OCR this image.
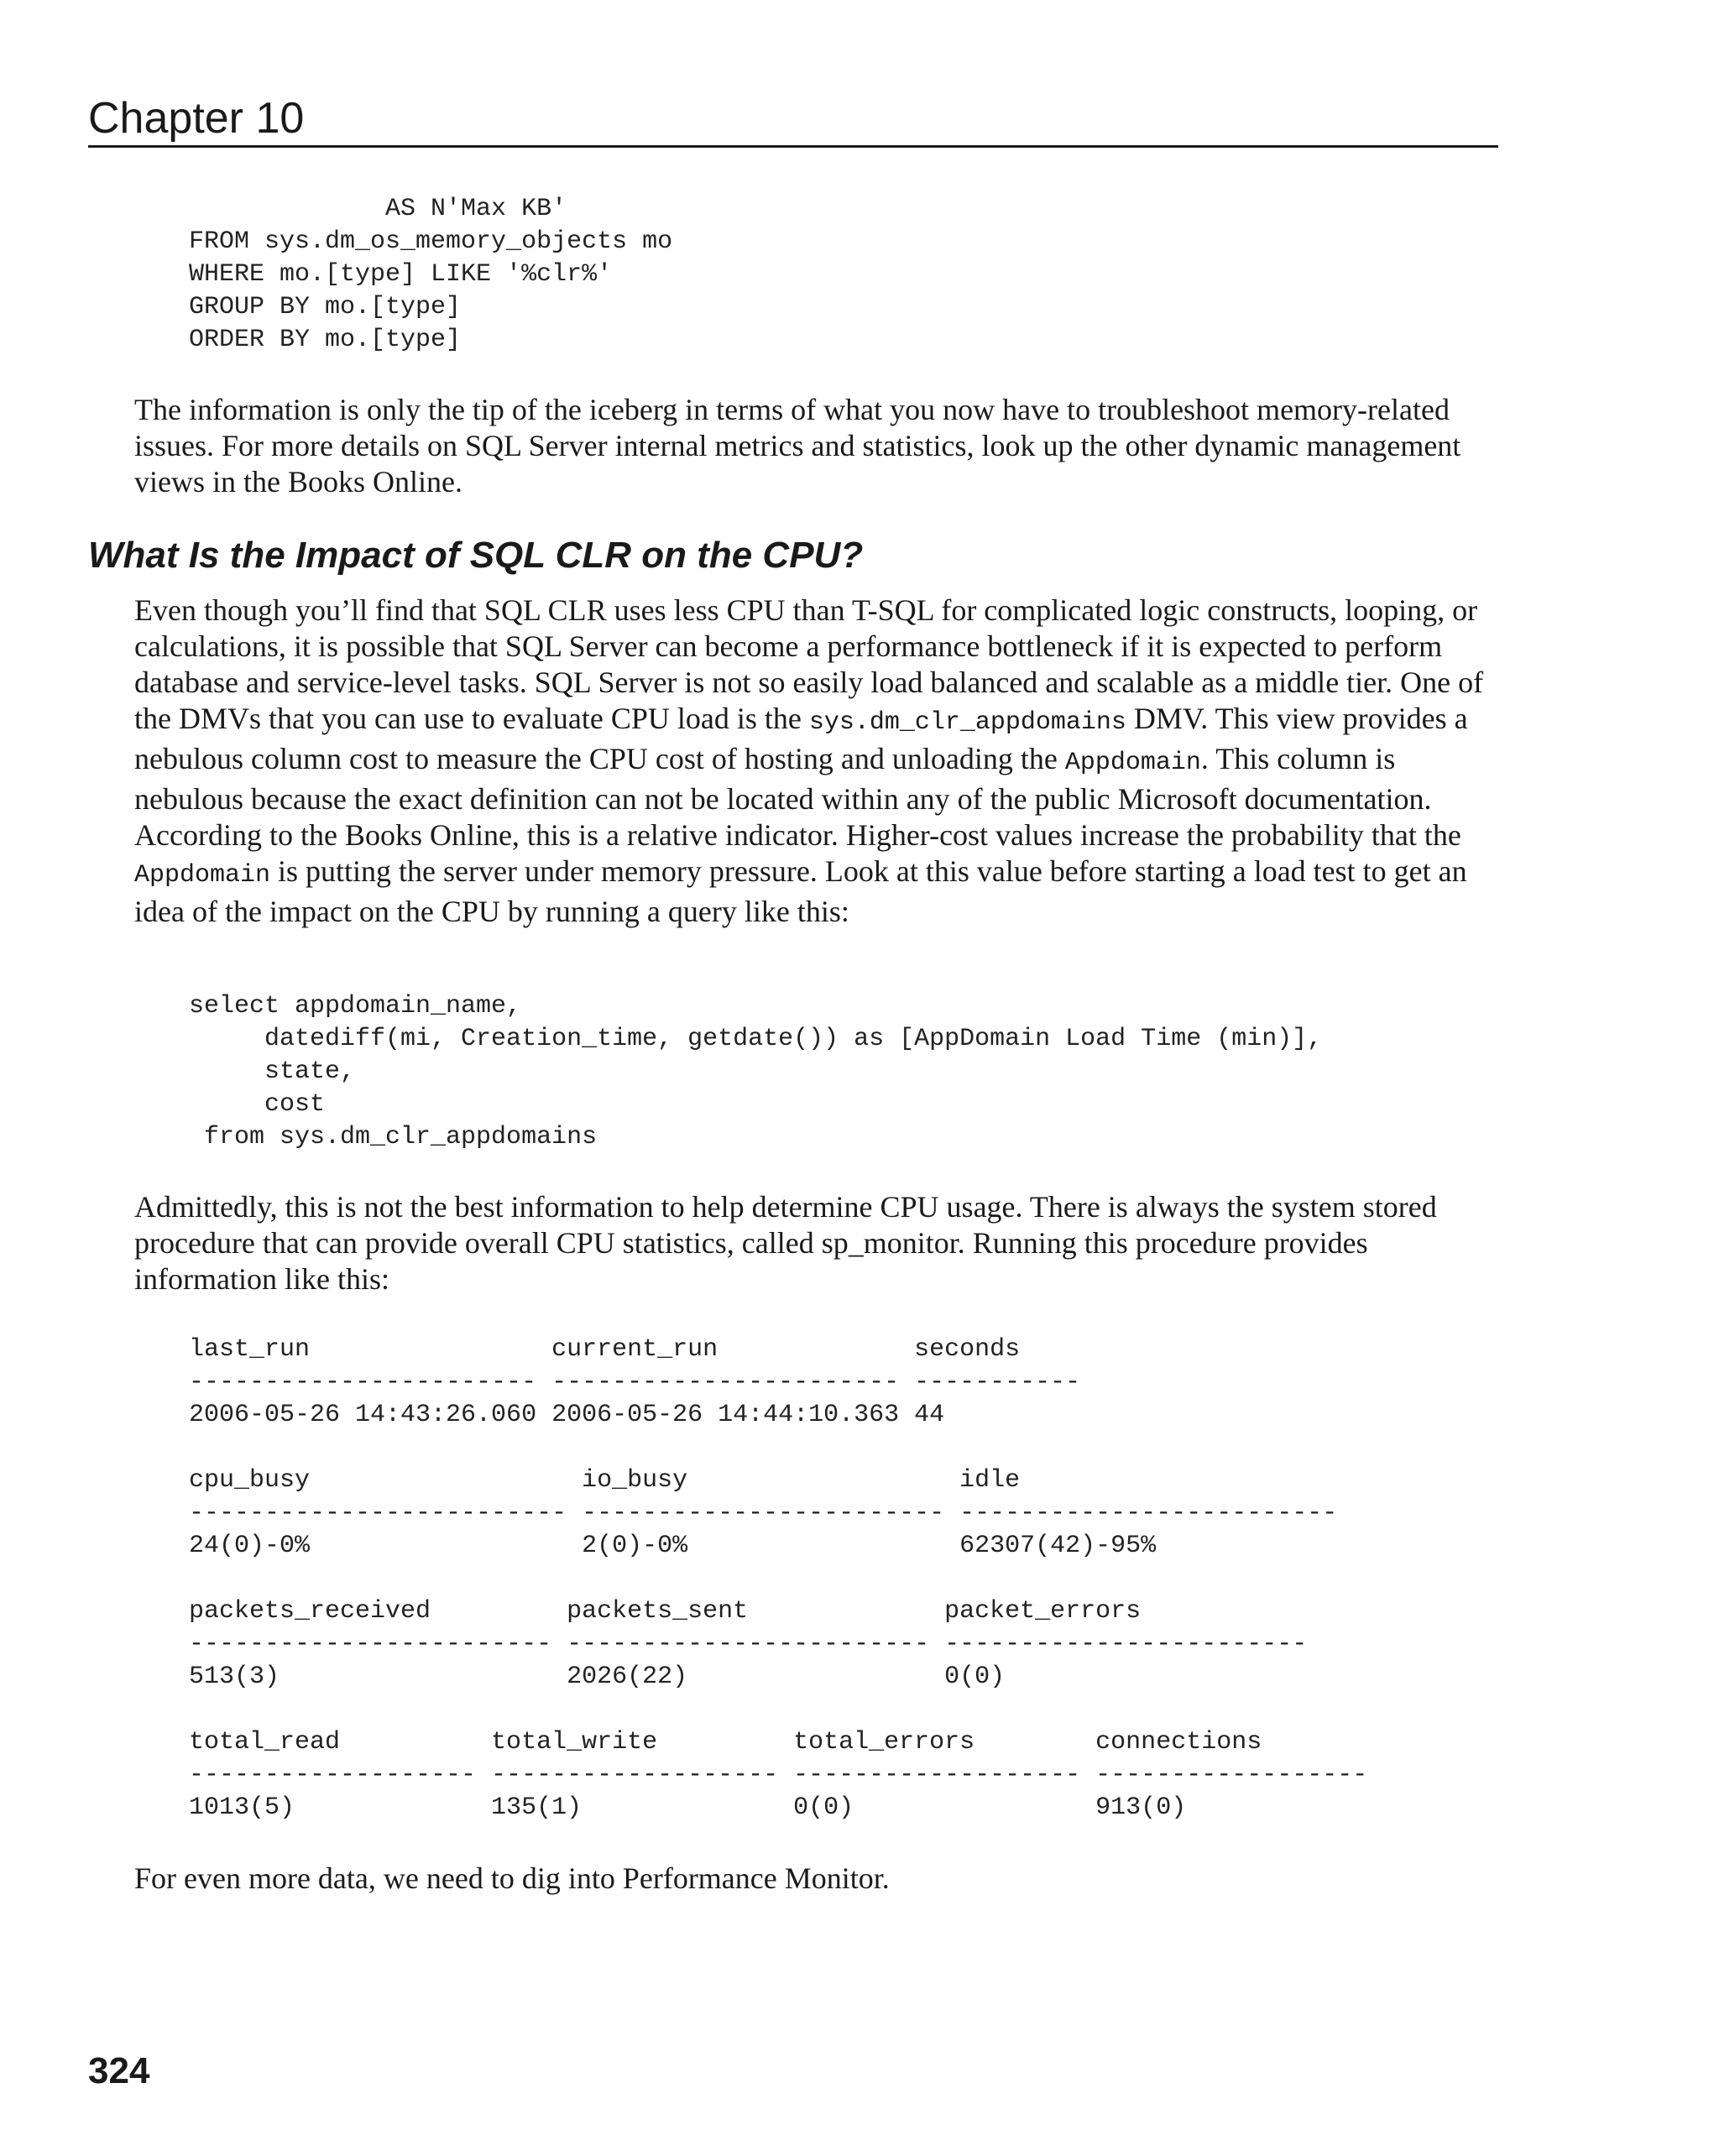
Chapter 10
AS N'Max KB'
FROM sys.dm_os_memory_objects mo
WHERE mo.[type] LIKE '%clr%'
GROUP BY mo.[type]
ORDER BY mo.[type]

The information is only the tip of the iceberg in terms of what you now have to troubleshoot memory-related issues. For more details on SQL Server internal metrics and statistics, look up the other dynamic management views in the Books Online.

What Is the Impact of SQL CLR on the CPU?

Even though you’ll find that SQL CLR uses less CPU than T-SQL for complicated logic constructs, looping, or calculations, it is possible that SQL Server can become a performance bottleneck if it is expected to perform database and service-level tasks. SQL Server is not so easily load balanced and scalable as a middle tier. One of the DMVs that you can use to evaluate CPU load is the sys.dm_clr_appdomains DMV. This view provides a nebulous column cost to measure the CPU cost of hosting and unloading the Appdomain. This column is nebulous because the exact definition can not be located within any of the public Microsoft documentation. According to the Books Online, this is a relative indicator. Higher-cost values increase the probability that the Appdomain is putting the server under memory pressure. Look at this value before starting a load test to get an idea of the impact on the CPU by running a query like this:

select appdomain_name,
datediff(mi, Creation_time, getdate()) as [AppDomain Load Time (min)],
state,
cost
from sys.dm_clr_appdomains

Admittedly, this is not the best information to help determine CPU usage. There is always the system stored procedure that can provide overall CPU statistics, called sp_monitor. Running this procedure provides information like this:

last_run                current_run             seconds
----------------------- ----------------------- -----------
2006-05-26 14:43:26.060 2006-05-26 14:44:10.363 44

cpu_busy                  io_busy                  idle
------------------------- ------------------------ -------------------------
24(0)-0%                  2(0)-0%                  62307(42)-95%

packets_received         packets_sent             packet_errors
------------------------ ------------------------ ------------------------
513(3)                   2026(22)                 0(0)

total_read          total_write         total_errors        connections
------------------- ------------------- ------------------- ------------------
1013(5)             135(1)              0(0)                913(0)

For even more data, we need to dig into Performance Monitor.

324
